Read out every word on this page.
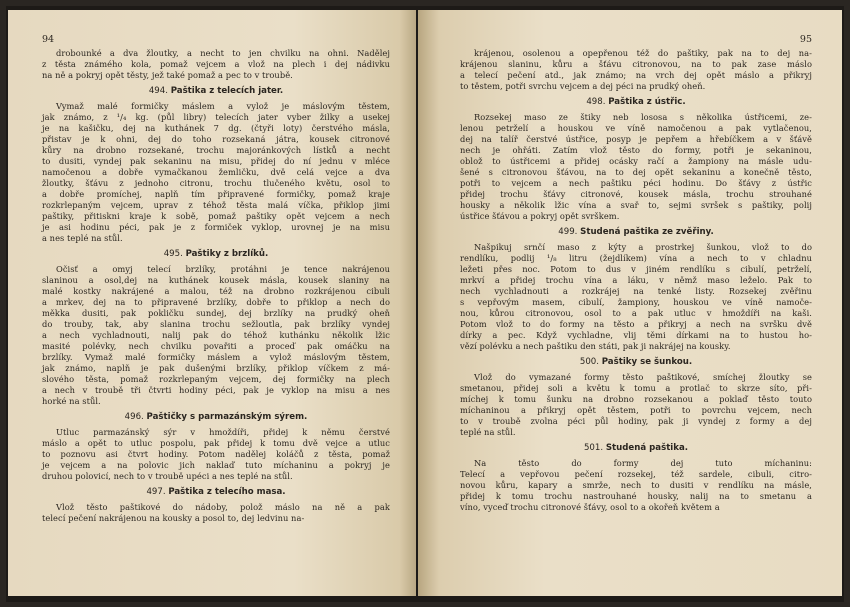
94
drobounké a dva žloutky, a necht to jen chvilku na ohni. Nadělej
z těsta známého kola, pomaž vejcem a vlož na plech i dej nádivku
na ně a pokryj opět těsty, jež také pomaž a pec to v troubě.
494. Paštika z telecích jater.
Vymaž malé formičky máslem a vylož je máslovým těstem,
jak známo, z ¹/₄ kg. (půl libry) telecích jater vyber žilky a usekej
je na kašičku, dej na kuthánek 7 dg. (čtyři loty) čerstvého másla,
přistav je k ohni, dej do toho rozsekaná játra, kousek citronové
kůry na drobno rozsekané, trochu majoránkových lístků a necht
to dusiti, vyndej pak sekaninu na misu, přidej do ní jednu v mléce
namočenou a dobře vymačkanou žemličku, dvě celá vejce a dva
žloutky, šťávu z jednoho citronu, trochu tlučeného květu, osol to
a dobře promíchej, naplň tím připravené formičky, pomaž kraje
rozkrlepaným vejcem, uprav z téhož těsta malá víčka, přiklop jimi
paštiky, přitiskni kraje k sobě, pomaž paštiky opět vejcem a nech
je asi hodinu péci, pak je z formiček vyklop, urovnej je na misu
a nes teplé na stůl.
495. Paštiky z brzlíků.
Očisť a omyj telecí brzlíky, protáhni je tence nakrájenou
slaninou a osol,dej na kuthánek kousek másla, kousek slaniny na
malé kostky nakrájené a malou, též na drobno rozkrájenou cibuli
a mrkev, dej na to připravené brzlíky, dobře to přiklop a nech do
měkka dusiti, pak pokličku sundej, dej brzlíky na prudký oheň
do trouby, tak, aby slanina trochu sežloutla, pak brzlíky vyndej
a nech vychladnouti, nalij pak do téhož kuthánku několik lžic
masité polévky, nech chvilku povařiti a proceď pak omáčku na
brzlíky. Vymaž malé formičky máslem a vylož máslovým těstem,
jak známo, naplň je pak dušenými brzlíky, přiklop víčkem z má-
slového těsta, pomaž rozkrlepaným vejcem, dej formičky na plech
a nech v troubě tři čtvrti hodiny péci, pak je vyklop na misu a nes
horké na stůl.
496. Paštičky s parmazánským sýrem.
Utluc parmazánský sýr v hmoždíři, přidej k němu čerstvé
máslo a opět to utluc pospolu, pak přidej k tomu dvě vejce a utluc
to poznovu asi čtvrt hodiny. Potom nadělej koláčů z těsta, pomaž
je vejcem a na polovic jich naklaď tuto míchaninu a pokryj je
druhou polovicí, nech to v troubě upéci a nes teplé na stůl.
497. Paštika z telecího masa.
Vlož těsto paštikové do nádoby, polož máslo na ně a pak
telecí pečení nakrájenou na kousky a posol to, dej ledvinu na-
95
krájenou, osolenou a opepřenou též do paštiky, pak na to dej na-
krájenou slaninu, kůru a šťávu citronovou, na to pak zase máslo
a telecí pečení atd., jak známo; na vrch dej opět máslo a přikryj
to těstem, potři svrchu vejcem a dej péci na prudký oheň.
498. Paštika z ústřic.
Rozsekej maso ze štiky neb lososa s několika ústřicemi, ze-
lenou petrželí a houskou ve víně namočenou a pak vytlačenou,
dej na talíř čerstvé ústřice, posyp je pepřem a hřebíčkem a v šťávě
nech je ohřáti. Zatím vlož těsto do formy, potři je sekaninou,
oblož to ústřicemi a přidej ocásky račí a žampiony na másle udu-
šené s citronovou šťávou, na to dej opět sekaninu a konečně těsto,
potři to vejcem a nech paštiku péci hodinu. Do šťávy z ústřic
přidej trochu šťávy citronové, kousek másla, trochu strouhané
housky a několik lžic vína a svař to, sejmi svršek s paštiky, polij
ústřice šťávou a pokryj opět svrškem.
499. Studená paštika ze zvěřiny.
Našpikuj srnčí maso z kýty a prostrkej šunkou, vlož to do
rendlíku, podlij ¹/₈ litru (žejdlíkem) vína a nech to v chladnu
ležeti přes noc. Potom to dus v jiném rendlíku s cibulí, petrželí,
mrkví a přidej trochu vína a láku, v němž maso leželo. Pak to
nech vychladnouti a rozkrájej na tenké listy. Rozsekej zvěřinu
s vepřovým masem, cibulí, žampiony, houskou ve víně namoče-
nou, kůrou citronovou, osol to a pak utluc v hmoždíři na kaši.
Potom vlož to do formy na těsto a přikryj a nech na svršku dvě
dírky a pec. Když vychladne, vlij těmi dírkami na to hustou ho-
vězí polévku a nech paštiku den státi, pak ji nakrájej na kousky.
500. Paštiky se šunkou.
Vlož do vymazané formy těsto paštikové, smíchej žloutky se
smetanou, přidej soli a květu k tomu a protlač to skrze síto, při-
míchej k tomu šunku na drobno rozsekanou a poklaď těsto touto
míchaninou a přikryj opět těstem, potři to povrchu vejcem, nech
to v troubě zvolna péci půl hodiny, pak ji vyndej z formy a dej
teplé na stůl.
501. Studená paštika.
Na těsto do formy dej tuto míchaninu:
Telecí a vepřovou pečení rozsekej, též sardele, cibuli, citro-
novou kůru, kapary a smrže, nech to dusiti v rendlíku na másle,
přidej k tomu trochu nastrouhané housky, nalij na to smetanu a
víno, vyceď trochu citronové šťávy, osol to a okořeň květem a
